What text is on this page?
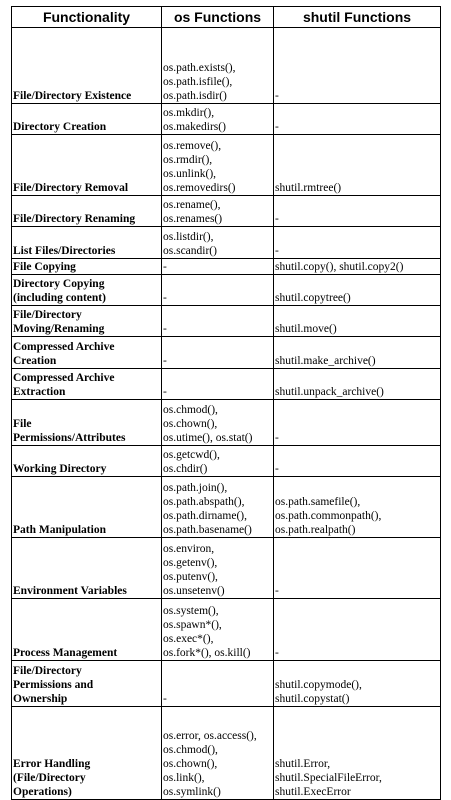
Functionality	os Functions	shutil Functions

File/Directory Existence	os.path.exists(),
os.path.isfile(),
os.path.isdir()	-

Directory Creation	os.mkdir(),
os.makedirs()	-

File/Directory Removal	os.remove(),
os.rmdir(),
os.unlink(),
os.removedirs()	shutil.rmtree()

File/Directory Renaming	os.rename(),
os.renames()	-

List Files/Directories	os.listdir(),
os.scandir()	-

File Copying	-	shutil.copy(), shutil.copy2()

Directory Copying
(including content)	-	shutil.copytree()

File/Directory
Moving/Renaming	-	shutil.move()

Compressed Archive
Creation	-	shutil.make_archive()

Compressed Archive
Extraction	-	shutil.unpack_archive()

File
Permissions/Attributes	os.chmod(),
os.chown(),
os.utime(), os.stat()	-

Working Directory	os.getcwd(),
os.chdir()	-

Path Manipulation	os.path.join(),
os.path.abspath(),
os.path.dirname(),
os.path.basename()	os.path.samefile(),
os.path.commonpath(),
os.path.realpath()

Environment Variables	os.environ,
os.getenv(),
os.putenv(),
os.unsetenv()	-

Process Management	os.system(),
os.spawn*(),
os.exec*(),
os.fork*(), os.kill()	-

File/Directory
Permissions and
Ownership	-	shutil.copymode(),
shutil.copystat()

Error Handling
(File/Directory
Operations)	os.error, os.access(),
os.chmod(),
os.chown(),
os.link(),
os.symlink()	shutil.Error,
shutil.SpecialFileError,
shutil.ExecError
